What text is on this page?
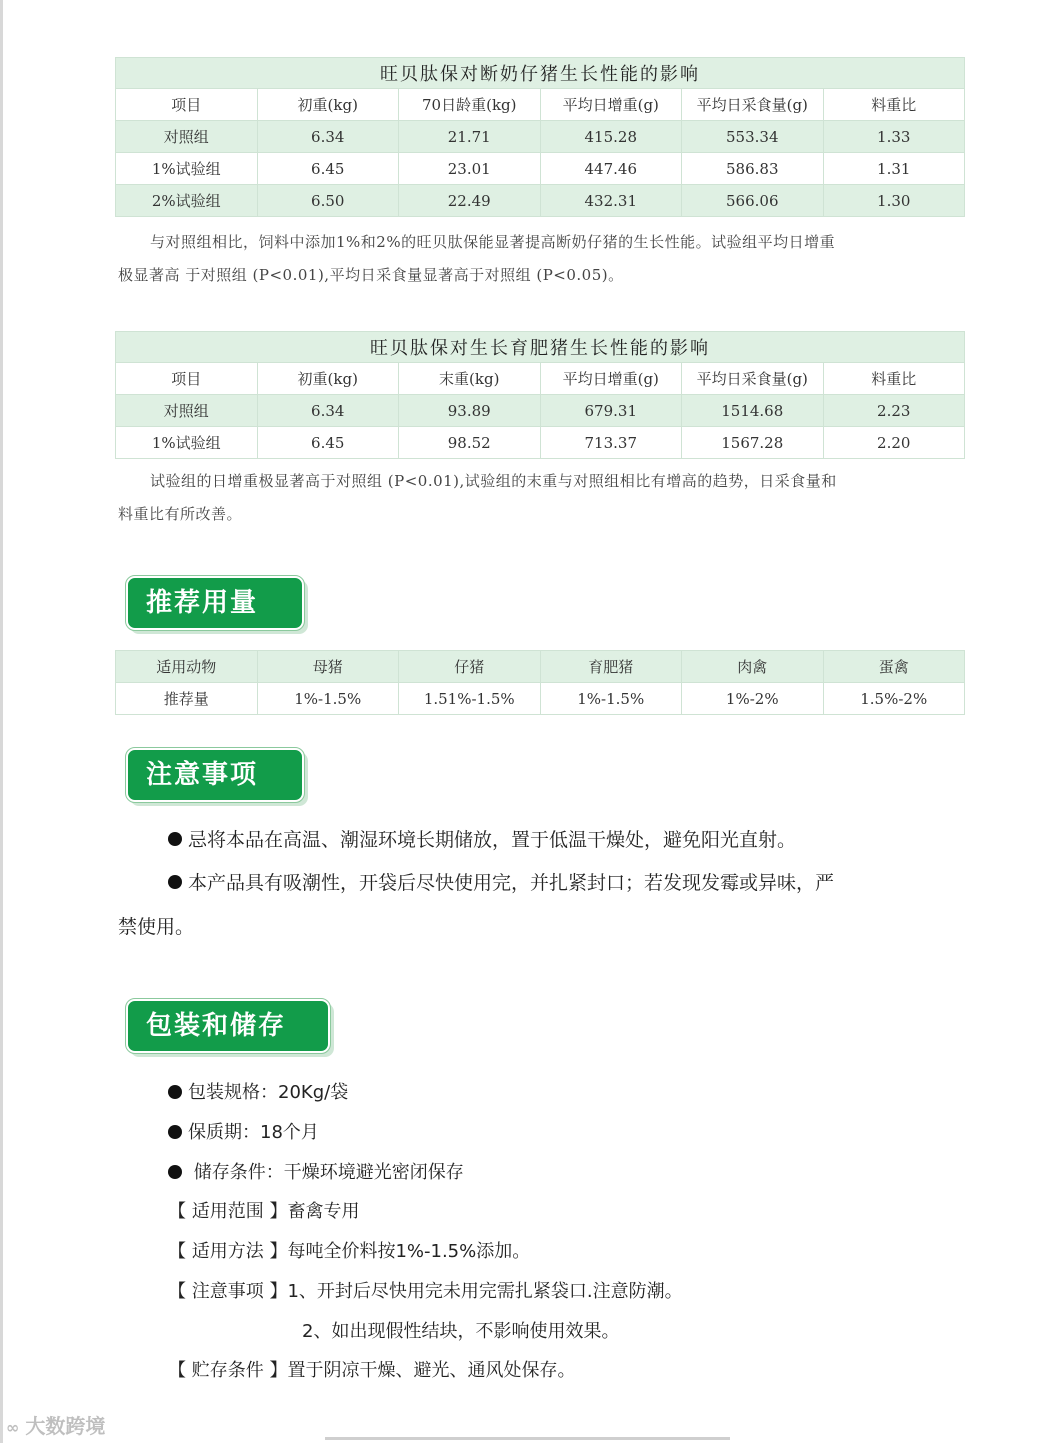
旺贝肽保对断奶仔猪生长性能的影响					
项目	初重(kg)	70日龄重(kg)	平均日增重(g)	平均日采食量(g)	料重比
对照组	6.34	21.71	415.28	553.34	1.33
1%试验组	6.45	23.01	447.46	586.83	1.31
2%试验组	6.50	22.49	432.31	566.06	1.30

与对照组相比，饲料中添加1%和2%的旺贝肽保能显著提高断奶仔猪的生长性能。试验组平均日增重
极显著高 于对照组 (P<0.01),平均日采食量显著高于对照组 (P<0.05)。

旺贝肽保对生长育肥猪生长性能的影响					
项目	初重(kg)	末重(kg)	平均日增重(g)	平均日采食量(g)	料重比
对照组	6.34	93.89	679.31	1514.68	2.23
1%试验组	6.45	98.52	713.37	1567.28	2.20

试验组的日增重极显著高于对照组 (P<0.01),试验组的末重与对照组相比有增高的趋势，日采食量和
料重比有所改善。

推荐用量
适用动物	母猪	仔猪	育肥猪	肉禽	蛋禽
推荐量	1%-1.5%	1.51%-1.5%	1%-1.5%	1%-2%	1.5%-2%
注意事项

忌将本品在高温、潮湿环境长期储放，置于低温干燥处，避免阳光直射。

本产品具有吸潮性，开袋后尽快使用完，并扎紧封口；若发现发霉或异味，严
禁使用。

包装和储存

包装规格：20Kg/袋

保质期：18个月

储存条件：干燥环境避光密闭保存

【 适用范围 】畜禽专用

【 适用方法 】每吨全价料按1%-1.5%添加。

【 注意事项 】1、开封后尽快用完未用完需扎紧袋口.注意防潮。

2、如出现假性结块，不影响使用效果。

【 贮存条件 】置于阴凉干燥、避光、通风处保存。

∞ 大数跨境
